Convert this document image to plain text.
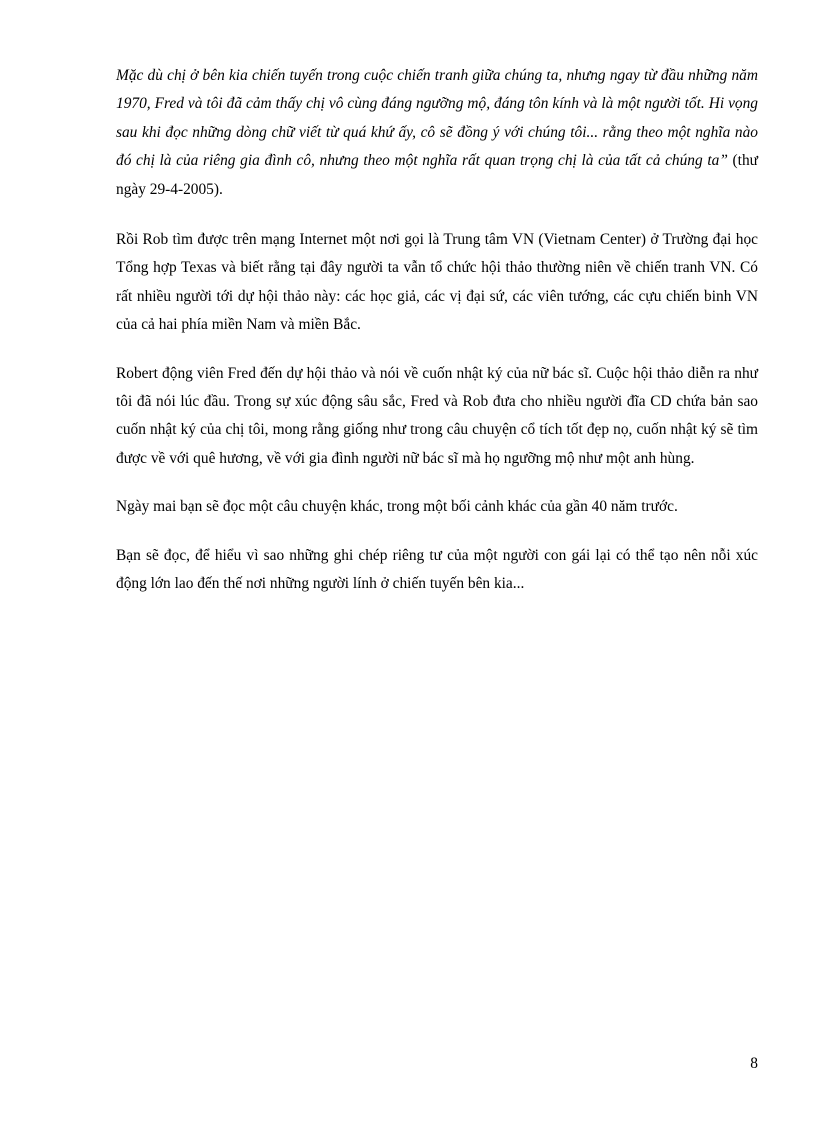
Mặc dù chị ở bên kia chiến tuyến trong cuộc chiến tranh giữa chúng ta, nhưng ngay từ đầu những năm 1970, Fred và tôi đã cảm thấy chị vô cùng đáng ngưỡng mộ, đáng tôn kính và là một người tốt. Hi vọng sau khi đọc những dòng chữ viết từ quá khứ ấy, cô sẽ đồng ý với chúng tôi... rằng theo một nghĩa nào đó chị là của riêng gia đình cô, nhưng theo một nghĩa rất quan trọng chị là của tất cả chúng ta” (thư ngày 29-4-2005).

Rồi Rob tìm được trên mạng Internet một nơi gọi là Trung tâm VN (Vietnam Center) ở Trường đại học Tổng hợp Texas và biết rằng tại đây người ta vẫn tổ chức hội thảo thường niên về chiến tranh VN. Có rất nhiều người tới dự hội thảo này: các học giả, các vị đại sứ, các viên tướng, các cựu chiến binh VN của cả hai phía miền Nam và miền Bắc.

Robert động viên Fred đến dự hội thảo và nói về cuốn nhật ký của nữ bác sĩ. Cuộc hội thảo diễn ra như tôi đã nói lúc đầu. Trong sự xúc động sâu sắc, Fred và Rob đưa cho nhiều người đĩa CD chứa bản sao cuốn nhật ký của chị tôi, mong rằng giống như trong câu chuyện cổ tích tốt đẹp nọ, cuốn nhật ký sẽ tìm được về với quê hương, về với gia đình người nữ bác sĩ mà họ ngưỡng mộ như một anh hùng.

Ngày mai bạn sẽ đọc một câu chuyện khác, trong một bối cảnh khác của gần 40 năm trước.

Bạn sẽ đọc, để hiểu vì sao những ghi chép riêng tư của một người con gái lại có thể tạo nên nỗi xúc động lớn lao đến thế nơi những người lính ở chiến tuyến bên kia...

8
